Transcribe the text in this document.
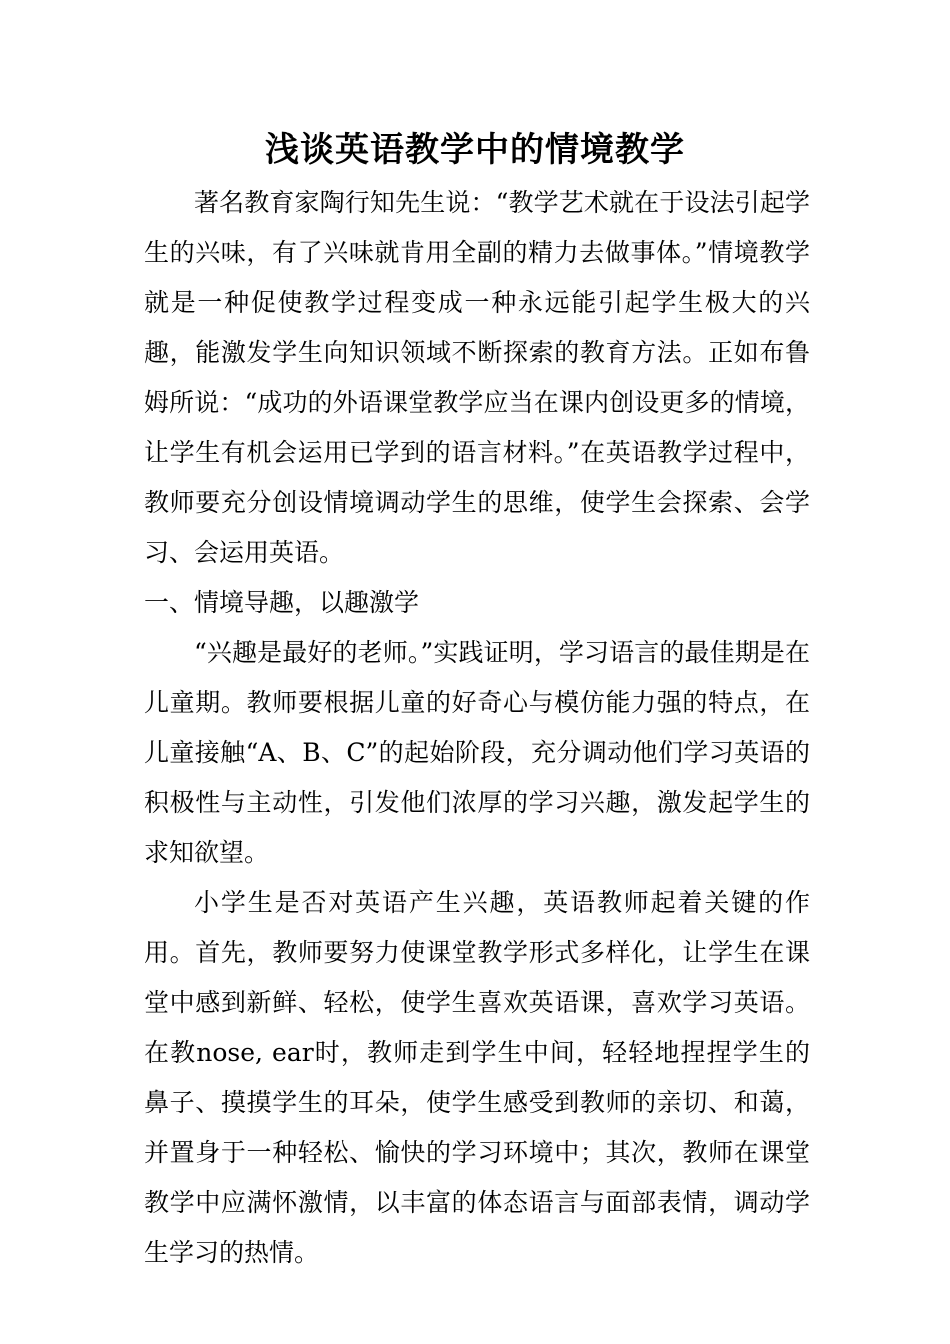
浅谈英语教学中的情境教学

著名教育家陶行知先生说：“教学艺术就在于设法引起学生的兴味，有了兴味就肯用全副的精力去做事体。”情境教学就是一种促使教学过程变成一种永远能引起学生极大的兴趣，能激发学生向知识领域不断探索的教育方法。正如布鲁姆所说：“成功的外语课堂教学应当在课内创设更多的情境，让学生有机会运用已学到的语言材料。”在英语教学过程中，教师要充分创设情境调动学生的思维，使学生会探索、会学习、会运用英语。

一、情境导趣，以趣激学

“兴趣是最好的老师。”实践证明，学习语言的最佳期是在儿童期。教师要根据儿童的好奇心与模仿能力强的特点，在儿童接触“A、B、C”的起始阶段，充分调动他们学习英语的积极性与主动性，引发他们浓厚的学习兴趣，激发起学生的求知欲望。

小学生是否对英语产生兴趣，英语教师起着关键的作用。首先，教师要努力使课堂教学形式多样化，让学生在课堂中感到新鲜、轻松，使学生喜欢英语课，喜欢学习英语。在教nose, ear时，教师走到学生中间，轻轻地捏捏学生的鼻子、摸摸学生的耳朵，使学生感受到教师的亲切、和蔼，并置身于一种轻松、愉快的学习环境中；其次，教师在课堂教学中应满怀激情，以丰富的体态语言与面部表情，调动学生学习的热情。
